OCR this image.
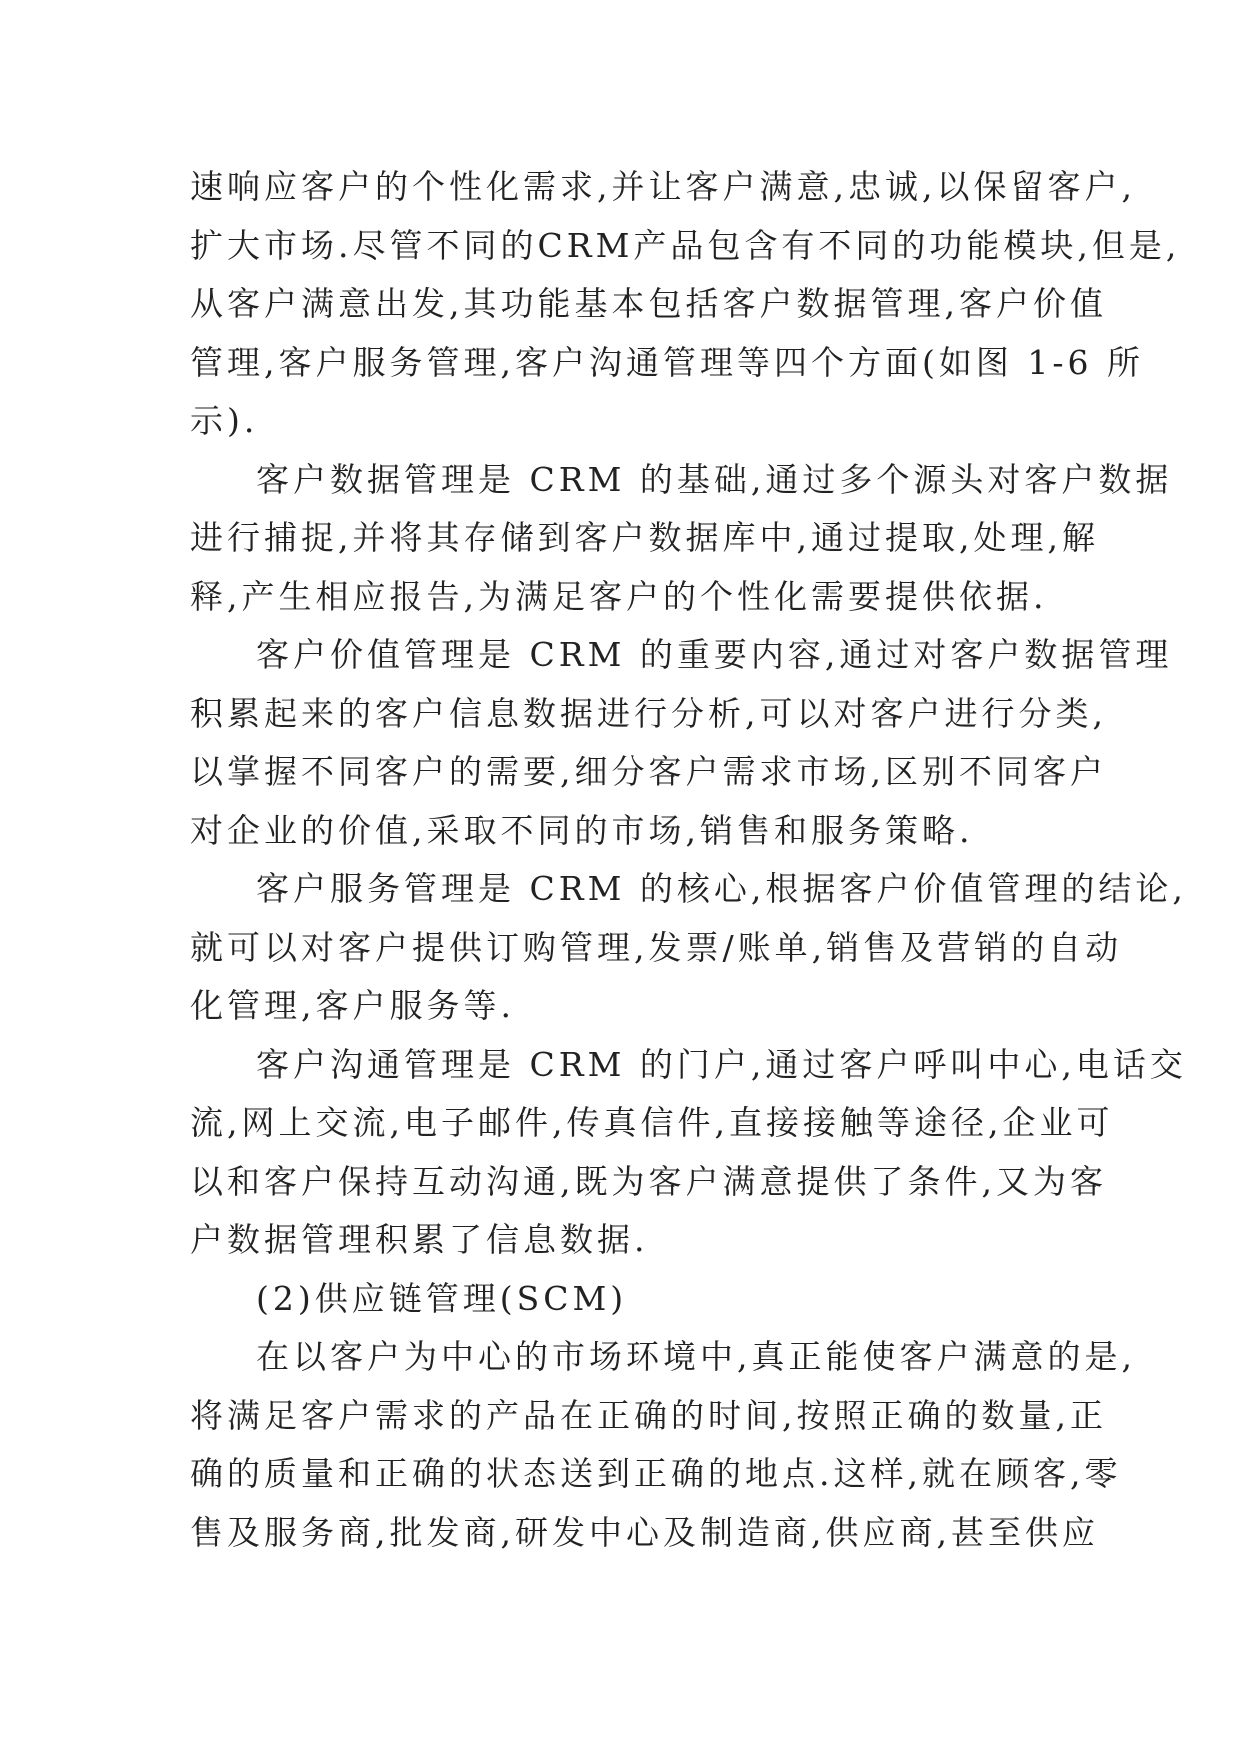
速响应客户的个性化需求,并让客户满意,忠诚,以保留客户,
扩大市场.尽管不同的CRM产品包含有不同的功能模块,但是,
从客户满意出发,其功能基本包括客户数据管理,客户价值
管理,客户服务管理,客户沟通管理等四个方面(如图 1-6 所
示).
客户数据管理是 CRM 的基础,通过多个源头对客户数据
进行捕捉,并将其存储到客户数据库中,通过提取,处理,解
释,产生相应报告,为满足客户的个性化需要提供依据.
客户价值管理是 CRM 的重要内容,通过对客户数据管理
积累起来的客户信息数据进行分析,可以对客户进行分类,
以掌握不同客户的需要,细分客户需求市场,区别不同客户
对企业的价值,采取不同的市场,销售和服务策略.
客户服务管理是 CRM 的核心,根据客户价值管理的结论,
就可以对客户提供订购管理,发票/账单,销售及营销的自动
化管理,客户服务等.
客户沟通管理是 CRM 的门户,通过客户呼叫中心,电话交
流,网上交流,电子邮件,传真信件,直接接触等途径,企业可
以和客户保持互动沟通,既为客户满意提供了条件,又为客
户数据管理积累了信息数据.
(2)供应链管理(SCM)
在以客户为中心的市场环境中,真正能使客户满意的是,
将满足客户需求的产品在正确的时间,按照正确的数量,正
确的质量和正确的状态送到正确的地点.这样,就在顾客,零
售及服务商,批发商,研发中心及制造商,供应商,甚至供应
